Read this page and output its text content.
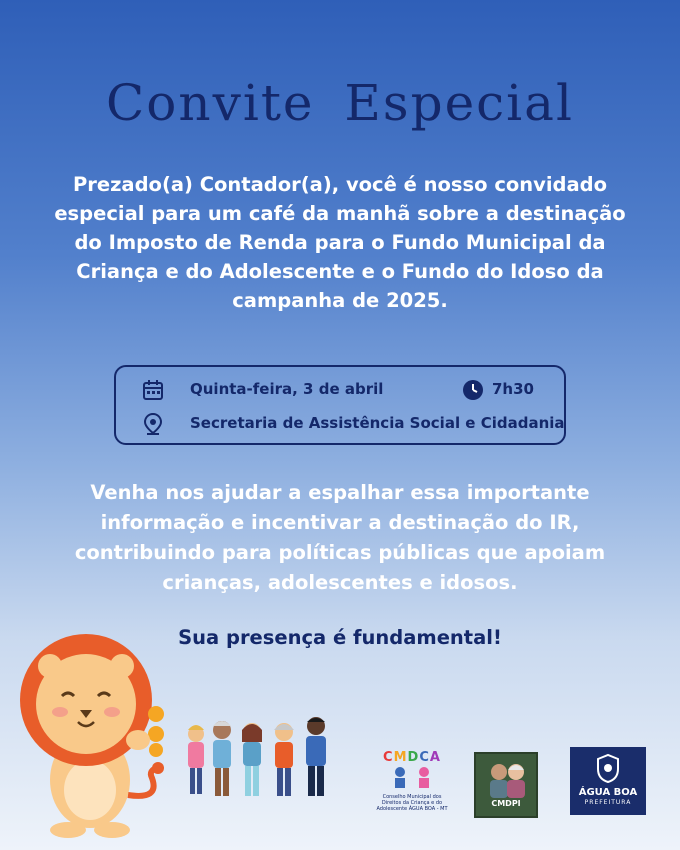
Convite Especial
Prezado(a) Contador(a), você é nosso convidado especial para um café da manhã sobre a destinação do Imposto de Renda para o Fundo Municipal da Criança e do Adolescente e o Fundo do Idoso da campanha de 2025.
Quinta-feira, 3 de abril	7h30
Secretaria de Assistência Social e Cidadania
Venha nos ajudar a espalhar essa importante informação e incentivar a destinação do IR, contribuindo para políticas públicas que apoiam crianças, adolescentes e idosos.
Sua presença é fundamental!
CMDCA
Conselho Municipal dos Direitos da Criança e do Adolescente ÁGUA BOA - MT
CMDPI
ÁGUA BOA
PREFEITURA
